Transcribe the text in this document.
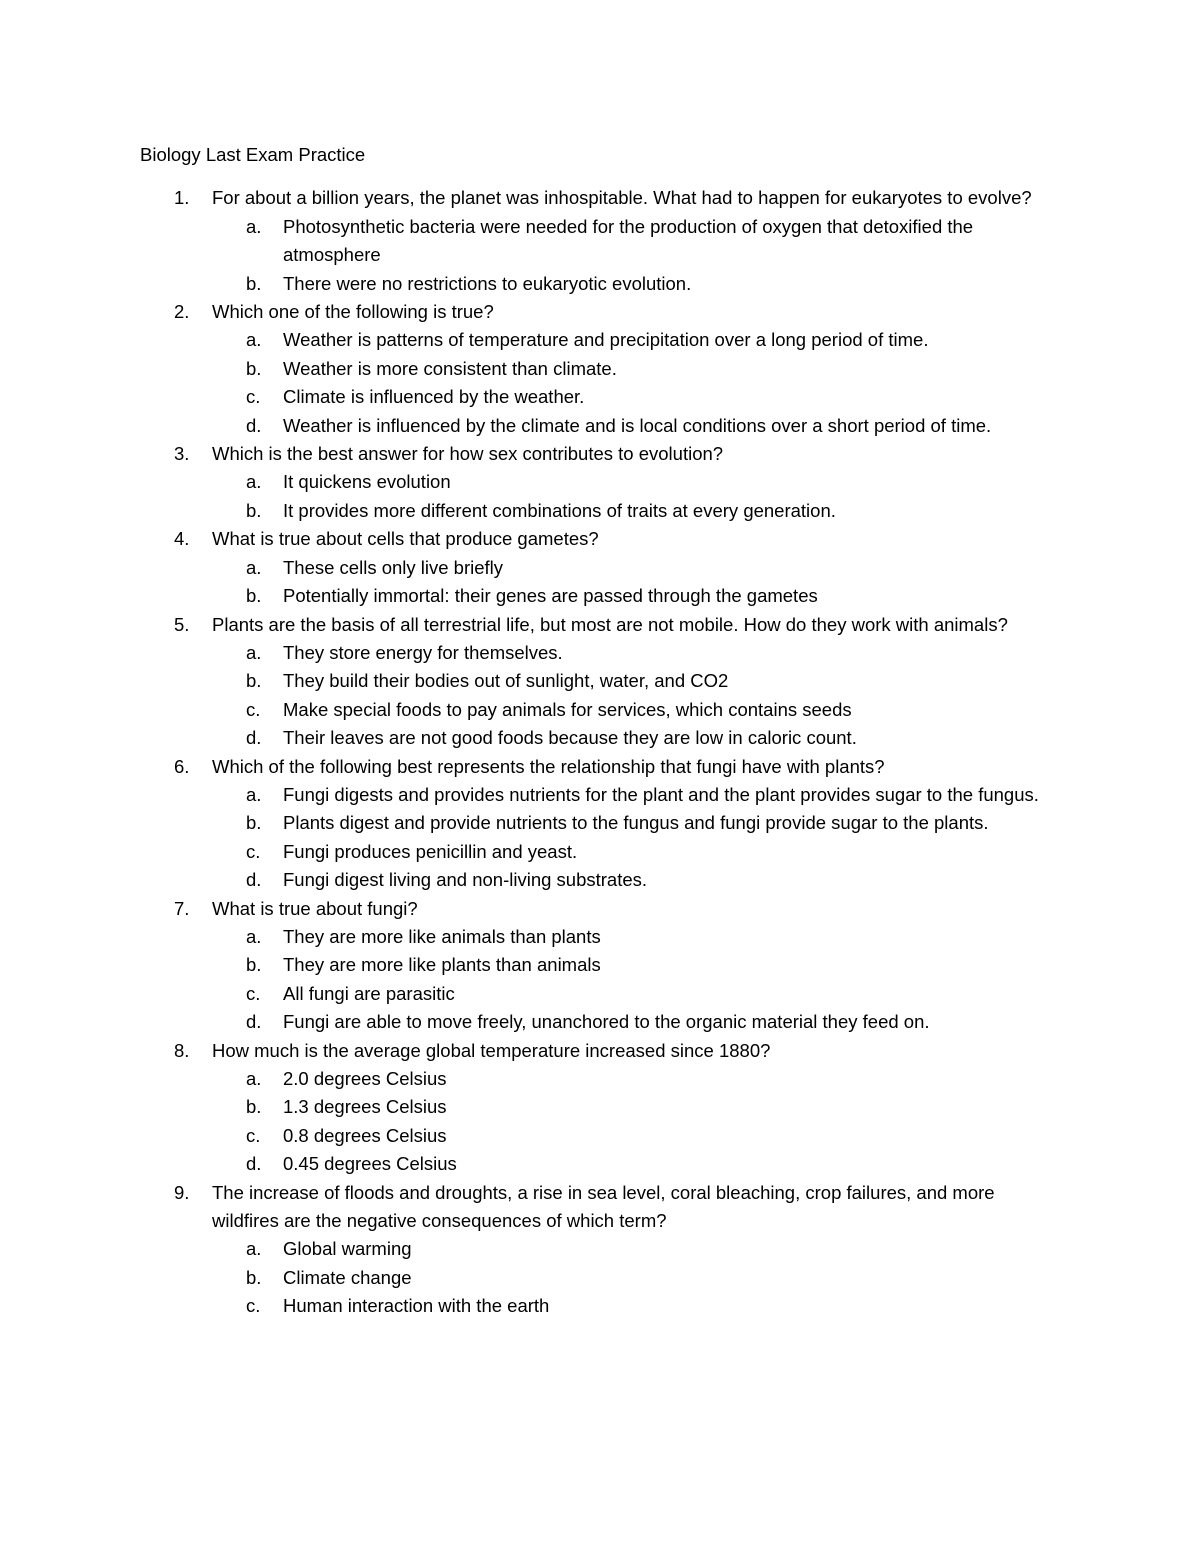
Biology Last Exam Practice
1. For about a billion years, the planet was inhospitable. What had to happen for eukaryotes to evolve?
a. Photosynthetic bacteria were needed for the production of oxygen that detoxified the atmosphere
b. There were no restrictions to eukaryotic evolution.
2. Which one of the following is true?
a. Weather is patterns of temperature and precipitation over a long period of time.
b. Weather is more consistent than climate.
c. Climate is influenced by the weather.
d. Weather is influenced by the climate and is local conditions over a short period of time.
3. Which is the best answer for how sex contributes to evolution?
a. It quickens evolution
b. It provides more different combinations of traits at every generation.
4. What is true about cells that produce gametes?
a. These cells only live briefly
b. Potentially immortal: their genes are passed through the gametes
5. Plants are the basis of all terrestrial life, but most are not mobile. How do they work with animals?
a. They store energy for themselves.
b. They build their bodies out of sunlight, water, and CO2
c. Make special foods to pay animals for services, which contains seeds
d. Their leaves are not good foods because they are low in caloric count.
6. Which of the following best represents the relationship that fungi have with plants?
a. Fungi digests and provides nutrients for the plant and the plant provides sugar to the fungus.
b. Plants digest and provide nutrients to the fungus and fungi provide sugar to the plants.
c. Fungi produces penicillin and yeast.
d. Fungi digest living and non-living substrates.
7. What is true about fungi?
a. They are more like animals than plants
b. They are more like plants than animals
c. All fungi are parasitic
d. Fungi are able to move freely, unanchored to the organic material they feed on.
8. How much is the average global temperature increased since 1880?
a. 2.0 degrees Celsius
b. 1.3 degrees Celsius
c. 0.8 degrees Celsius
d. 0.45 degrees Celsius
9. The increase of floods and droughts, a rise in sea level, coral bleaching, crop failures, and more wildfires are the negative consequences of which term?
a. Global warming
b. Climate change
c. Human interaction with the earth
